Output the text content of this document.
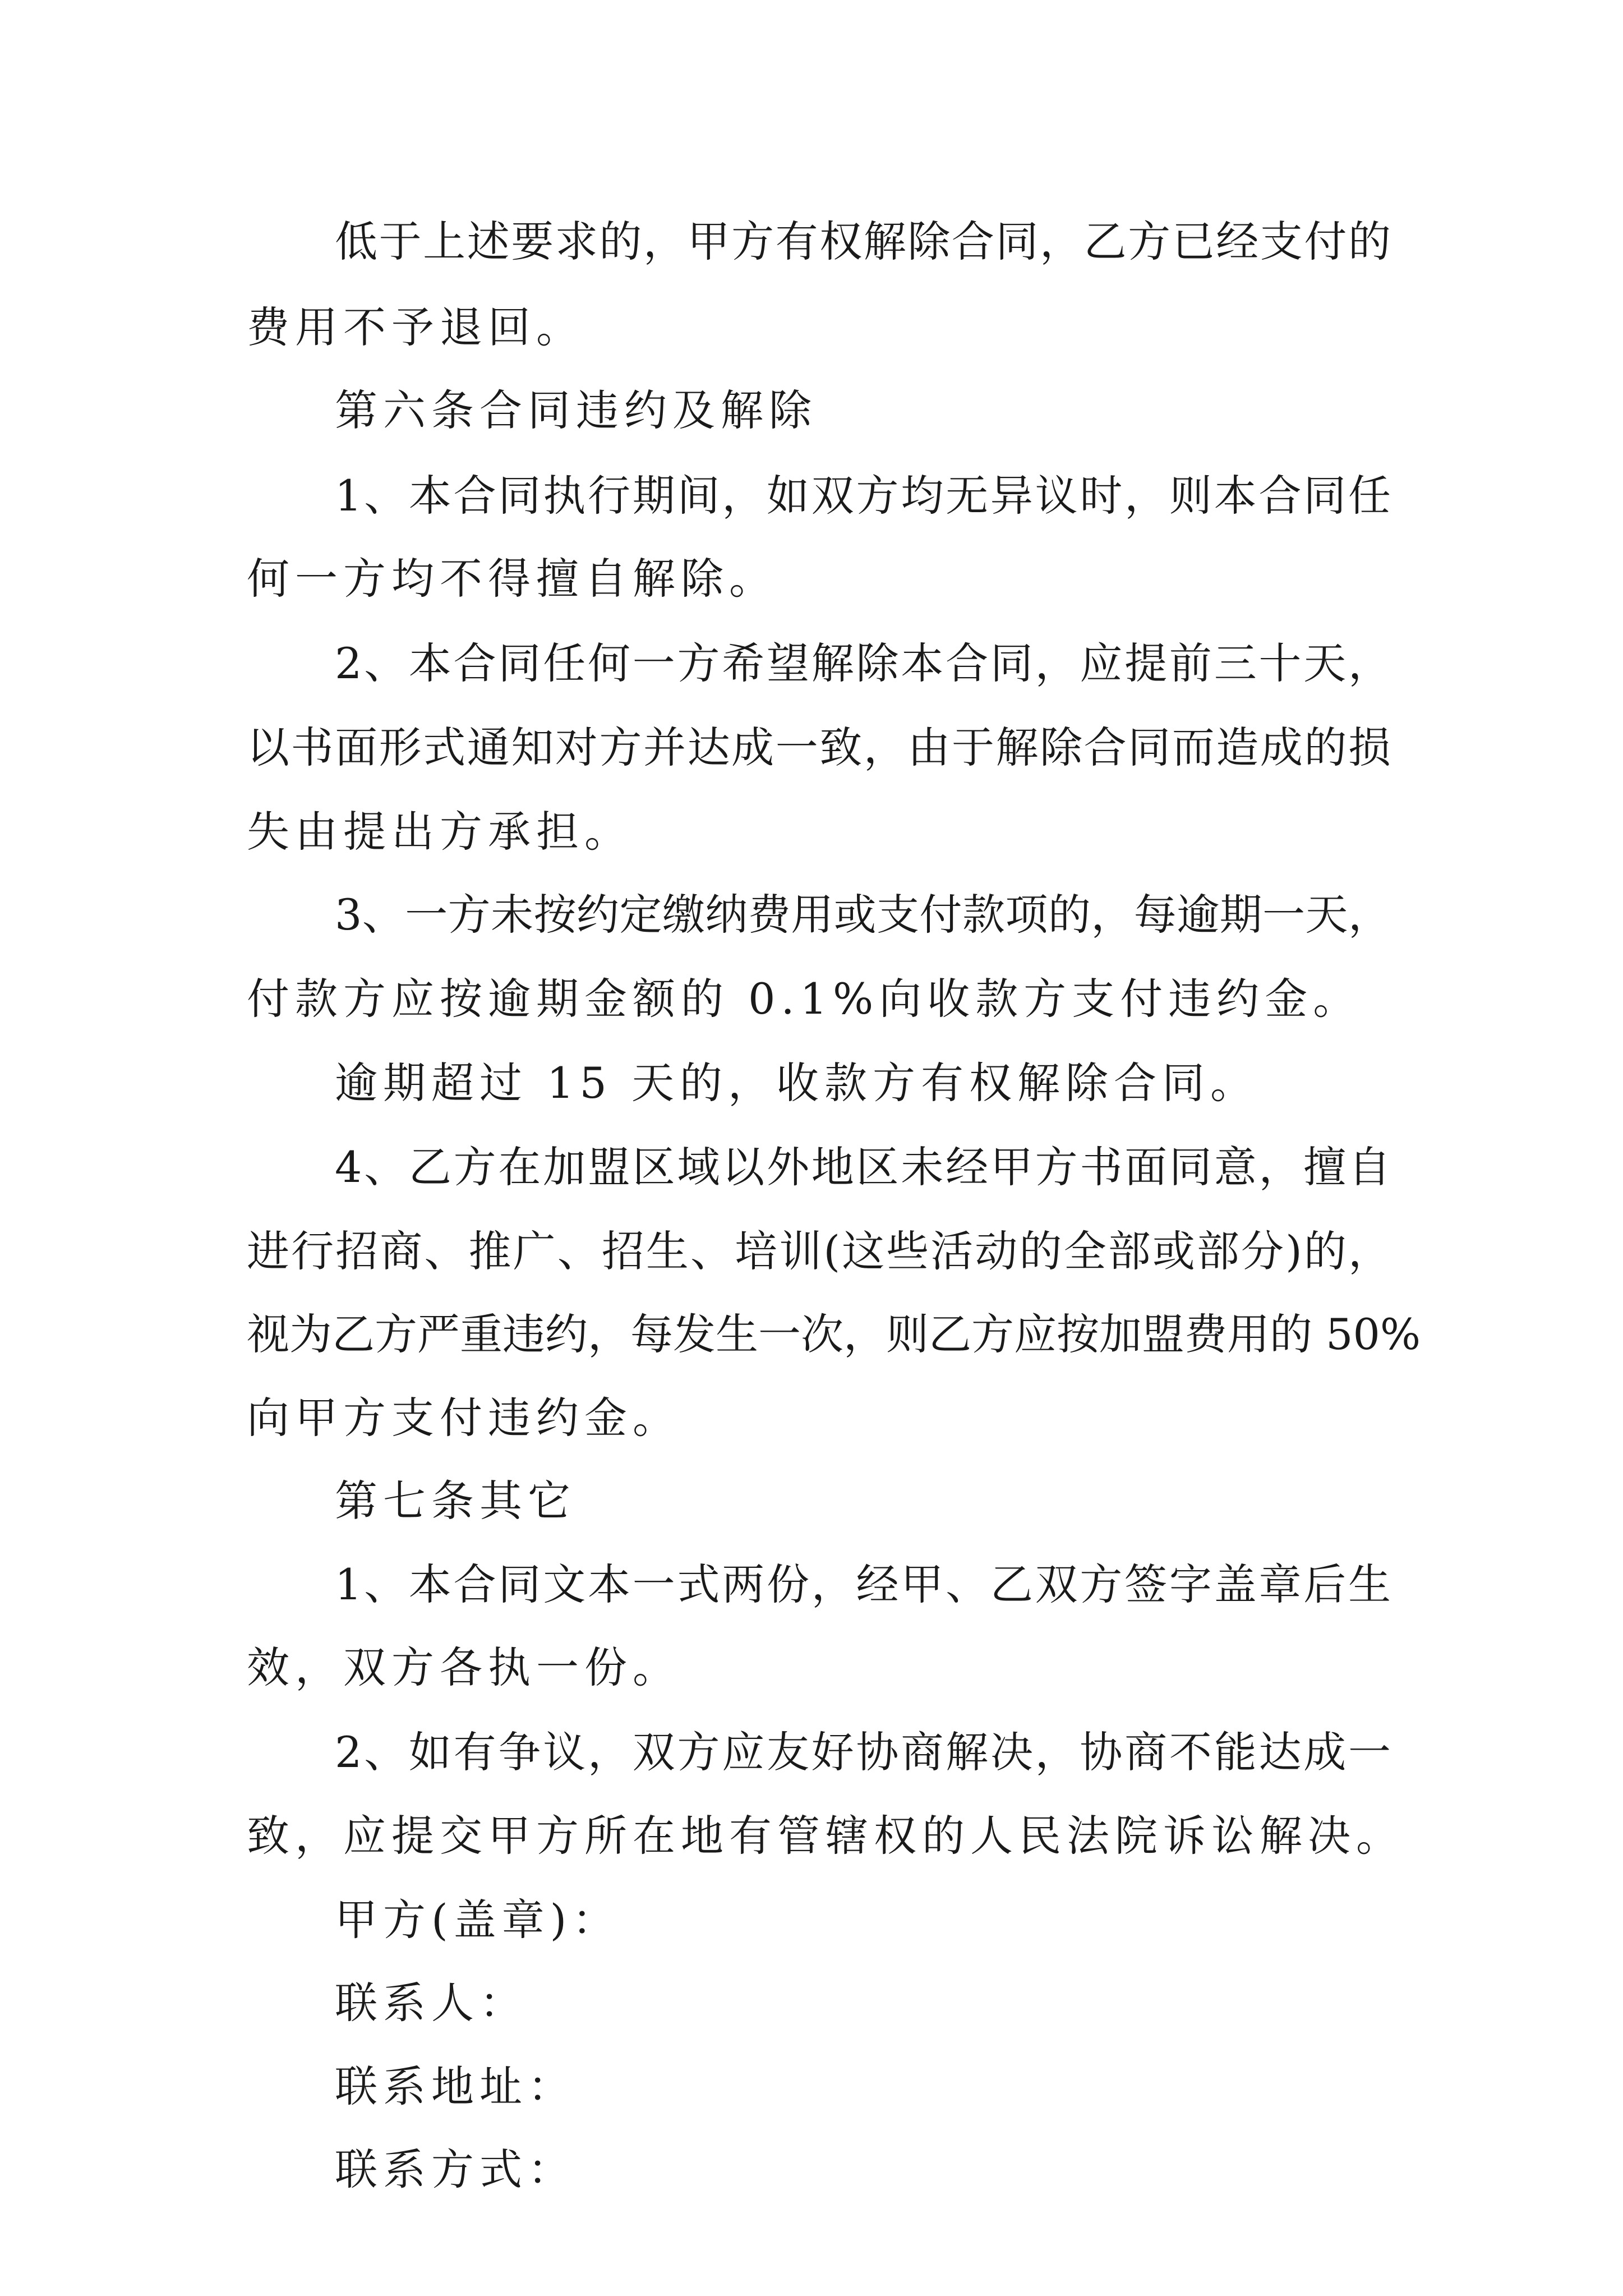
低于上述要求的，甲方有权解除合同，乙方已经支付的

费用不予退回。

第六条合同违约及解除

1、本合同执行期间，如双方均无异议时，则本合同任

何一方均不得擅自解除。

2、本合同任何一方希望解除本合同，应提前三十天，

以书面形式通知对方并达成一致，由于解除合同而造成的损

失由提出方承担。

3、一方未按约定缴纳费用或支付款项的，每逾期一天，

付款方应按逾期金额的 0.1%向收款方支付违约金。

逾期超过 15 天的，收款方有权解除合同。

4、乙方在加盟区域以外地区未经甲方书面同意，擅自

进行招商、推广、招生、培训(这些活动的全部或部分)的，

视为乙方严重违约，每发生一次，则乙方应按加盟费用的 50%

向甲方支付违约金。

第七条其它

1、本合同文本一式两份，经甲、乙双方签字盖章后生

效，双方各执一份。

2、如有争议，双方应友好协商解决，协商不能达成一

致，应提交甲方所在地有管辖权的人民法院诉讼解决。

甲方(盖章)：

联系人：

联系地址：

联系方式：
